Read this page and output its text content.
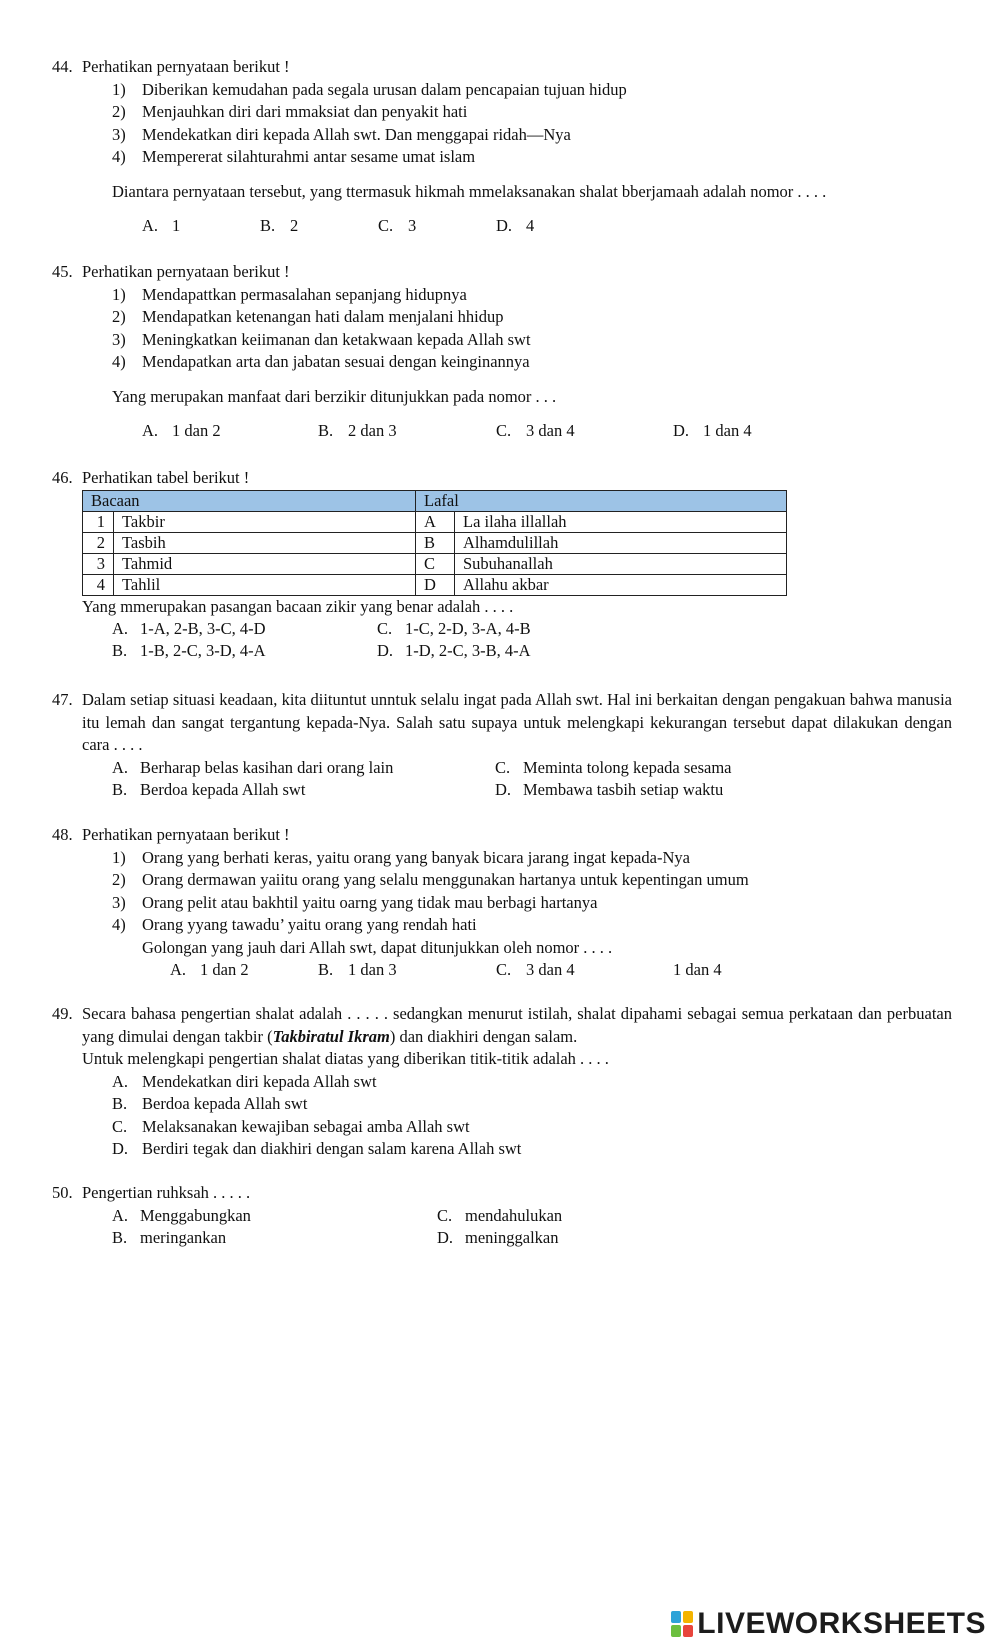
44. Perhatikan pernyataan berikut !
1) Diberikan kemudahan pada segala urusan dalam pencapaian tujuan hidup
2) Menjauhkan diri dari mmaksiat dan penyakit hati
3) Mendekatkan diri kepada Allah swt. Dan menggapai ridah—Nya
4) Mempererat silahturahmi antar sesame umat islam
Diantara pernyataan tersebut, yang ttermasuk hikmah mmelaksanakan shalat bberjamaah adalah nomor . . . .
A. 1	B. 2	C. 3	D. 4
45. Perhatikan pernyataan berikut !
1) Mendapattkan permasalahan sepanjang hidupnya
2) Mendapatkan ketenangan hati dalam menjalani hhidup
3) Meningkatkan keiimanan dan ketakwaan kepada Allah swt
4) Mendapatkan arta dan jabatan sesuai dengan keinginannya
Yang merupakan manfaat dari berzikir ditunjukkan pada nomor . . .
A. 1 dan 2	B. 2 dan 3	C. 3 dan 4	D. 1 dan 4
46. Perhatikan tabel berikut !
Bacaan		Lafal	
1	Takbir	A	La ilaha illallah
2	Tasbih	B	Alhamdulillah
3	Tahmid	C	Subuhanallah
4	Tahlil	D	Allahu akbar
Yang mmerupakan pasangan bacaan zikir yang benar adalah . . . .
A. 1-A, 2-B, 3-C, 4-D	C. 1-C, 2-D, 3-A, 4-B
B. 1-B, 2-C, 3-D, 4-A	D. 1-D, 2-C, 3-B, 4-A
47. Dalam setiap situasi keadaan, kita diituntut unntuk selalu ingat pada Allah swt. Hal ini berkaitan dengan pengakuan bahwa manusia itu lemah dan sangat tergantung kepada-Nya. Salah satu supaya untuk melengkapi kekurangan tersebut dapat dilakukan dengan cara . . . .
A. Berharap belas kasihan dari orang lain	C. Meminta tolong kepada sesama
B. Berdoa kepada Allah swt	D. Membawa tasbih setiap waktu
48. Perhatikan pernyataan berikut !
1) Orang yang berhati keras, yaitu orang yang banyak bicara jarang ingat kepada-Nya
2) Orang dermawan yaiitu orang yang selalu menggunakan hartanya untuk kepentingan umum
3) Orang pelit atau bakhtil yaitu oarng yang tidak mau berbagi hartanya
4) Orang yyang tawadu’ yaitu orang yang rendah hati
Golongan yang jauh dari Allah swt, dapat ditunjukkan oleh nomor . . . .
A. 1 dan 2	B. 1 dan 3	C. 3 dan 4	1 dan 4
49. Secara bahasa pengertian shalat adalah . . . . . sedangkan menurut istilah, shalat dipahami sebagai semua perkataan dan perbuatan yang dimulai dengan takbir (Takbiratul Ikram) dan diakhiri dengan salam.
Untuk melengkapi pengertian shalat diatas yang diberikan titik-titik adalah . . . .
A. Mendekatkan diri kepada Allah swt
B. Berdoa kepada Allah swt
C. Melaksanakan kewajiban sebagai amba Allah swt
D. Berdiri tegak dan diakhiri dengan salam karena Allah swt
50. Pengertian ruhksah . . . . .
A. Menggabungkan	C. mendahulukan
B. meringankan	D. meninggalkan
LIVEWORKSHEETS
